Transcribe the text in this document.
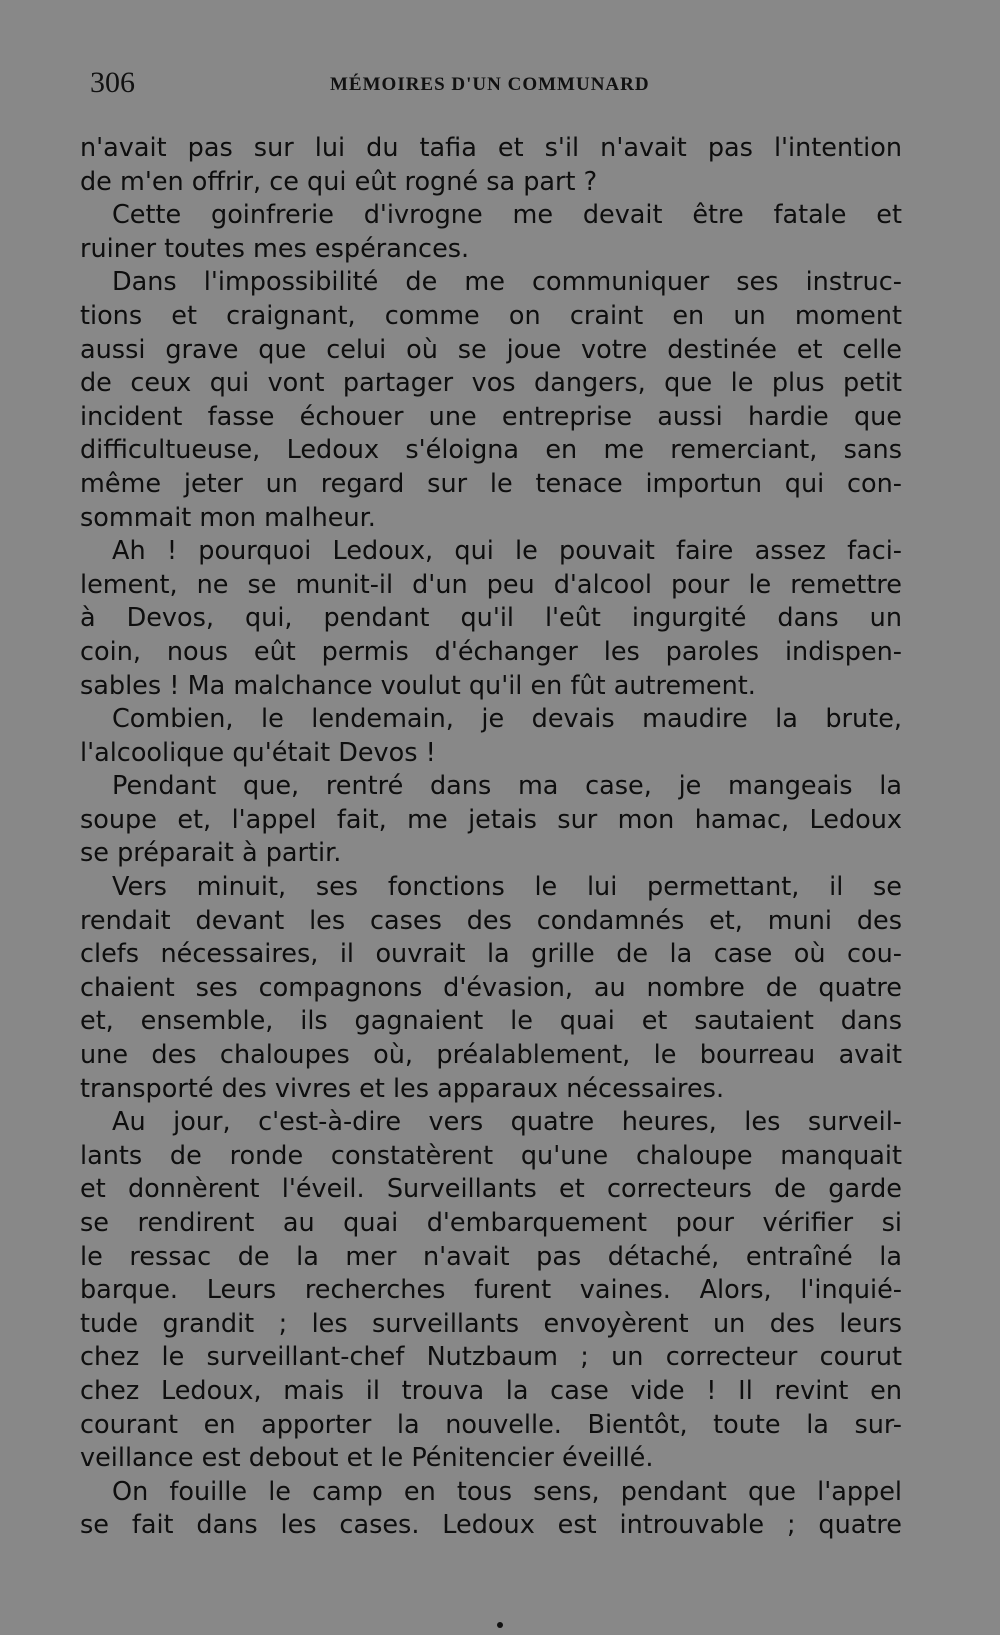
306	MÉMOIRES D'UN COMMUNARD
n'avait pas sur lui du tafia et s'il n'avait pas l'intention
de m'en offrir, ce qui eût rogné sa part ?
Cette goinfrerie d'ivrogne me devait être fatale et
ruiner toutes mes espérances.
Dans l'impossibilité de me communiquer ses instruc-
tions et craignant, comme on craint en un moment
aussi grave que celui où se joue votre destinée et celle
de ceux qui vont partager vos dangers, que le plus petit
incident fasse échouer une entreprise aussi hardie que
difficultueuse, Ledoux s'éloigna en me remerciant, sans
même jeter un regard sur le tenace importun qui con-
sommait mon malheur.
Ah ! pourquoi Ledoux, qui le pouvait faire assez faci-
lement, ne se munit-il d'un peu d'alcool pour le remettre
à Devos, qui, pendant qu'il l'eût ingurgité dans un
coin, nous eût permis d'échanger les paroles indispen-
sables ! Ma malchance voulut qu'il en fût autrement.
Combien, le lendemain, je devais maudire la brute,
l'alcoolique qu'était Devos !
Pendant que, rentré dans ma case, je mangeais la
soupe et, l'appel fait, me jetais sur mon hamac, Ledoux
se préparait à partir.
Vers minuit, ses fonctions le lui permettant, il se
rendait devant les cases des condamnés et, muni des
clefs nécessaires, il ouvrait la grille de la case où cou-
chaient ses compagnons d'évasion, au nombre de quatre
et, ensemble, ils gagnaient le quai et sautaient dans
une des chaloupes où, préalablement, le bourreau avait
transporté des vivres et les apparaux nécessaires.
Au jour, c'est-à-dire vers quatre heures, les surveil-
lants de ronde constatèrent qu'une chaloupe manquait
et donnèrent l'éveil. Surveillants et correcteurs de garde
se rendirent au quai d'embarquement pour vérifier si
le ressac de la mer n'avait pas détaché, entraîné la
barque. Leurs recherches furent vaines. Alors, l'inquié-
tude grandit ; les surveillants envoyèrent un des leurs
chez le surveillant-chef Nutzbaum ; un correcteur courut
chez Ledoux, mais il trouva la case vide ! Il revint en
courant en apporter la nouvelle. Bientôt, toute la sur-
veillance est debout et le Pénitencier éveillé.
On fouille le camp en tous sens, pendant que l'appel
se fait dans les cases. Ledoux est introuvable ; quatre
